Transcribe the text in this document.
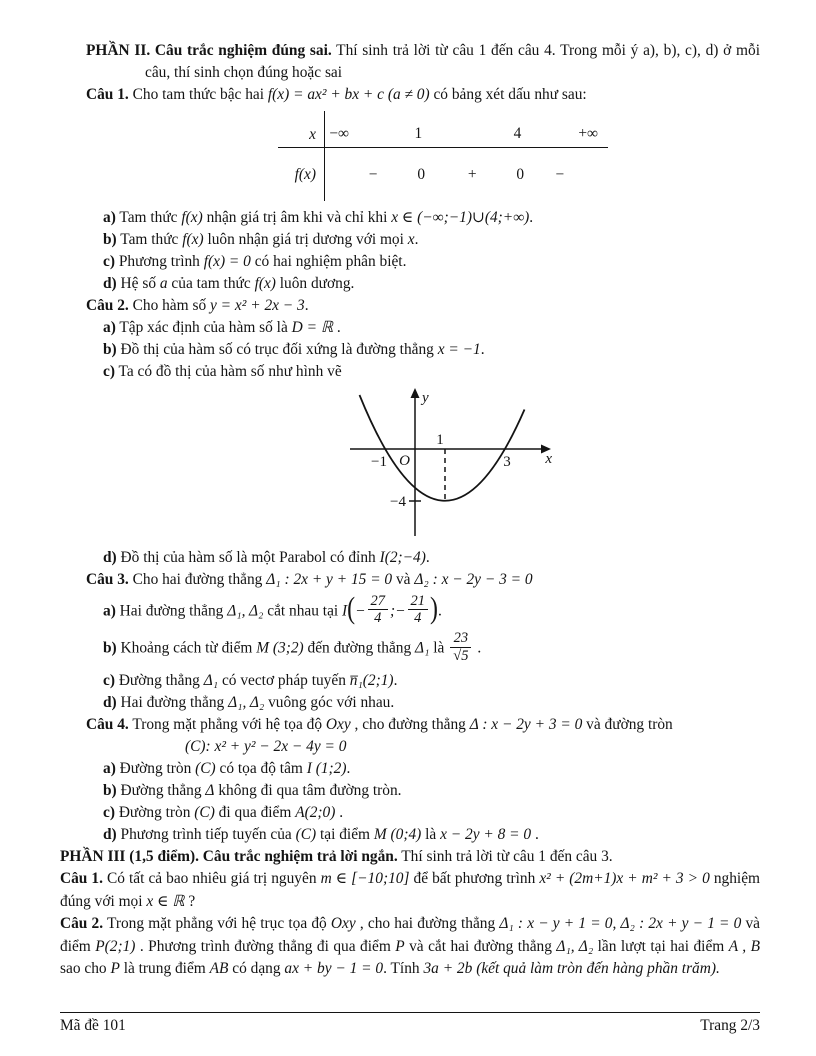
PHẦN II. Câu trắc nghiệm đúng sai. Thí sinh trả lời từ câu 1 đến câu 4. Trong mỗi ý a), b), c), d) ở mỗi câu, thí sinh chọn đúng hoặc sai
Câu 1. Cho tam thức bậc hai f(x) = ax² + bx + c (a ≠ 0) có bảng xét dấu như sau:
x −∞	1	4	+∞
f(x)	−	0	+	0 −
a) Tam thức f(x) nhận giá trị âm khi và chỉ khi x ∈ (−∞;−1)∪(4;+∞).
b) Tam thức f(x) luôn nhận giá trị dương với mọi x.
c) Phương trình f(x) = 0 có hai nghiệm phân biệt.
d) Hệ số a của tam thức f(x) luôn dương.
Câu 2. Cho hàm số y = x² + 2x − 3.
a) Tập xác định của hàm số là D = ℝ .
b) Đồ thị của hàm số có trục đối xứng là đường thẳng x = −1.
c) Ta có đồ thị của hàm số như hình vẽ
y
x
O
−1
1
3
−4
d) Đồ thị của hàm số là một Parabol có đỉnh I(2;−4).
Câu 3. Cho hai đường thẳng Δ₁ : 2x + y + 15 = 0 và Δ₂ : x − 2y − 3 = 0
a) Hai đường thẳng Δ₁, Δ₂ cắt nhau tại $I(- \frac{27}{4}$ ;− $\frac{21}{4}$ ).
b) Khoảng cách từ điểm M (3;2) đến đường thẳng Δ₁ là $\frac{23}{√5}$ .
c) Đường thẳng Δ₁ có vectơ pháp tuyến n̅₁(2;1).
d) Hai đường thẳng Δ₁, Δ₂ vuông góc với nhau.
Câu 4. Trong mặt phẳng với hệ tọa độ Oxy , cho đường thẳng Δ : x − 2y + 3 = 0 và đường tròn
(C): x² + y² − 2x − 4y = 0
a) Đường tròn (C) có tọa độ tâm I (1;2).
b) Đường thẳng Δ không đi qua tâm đường tròn.
c) Đường tròn (C) đi qua điểm A(2;0) .
d) Phương trình tiếp tuyến của (C) tại điểm M (0;4) là x − 2y + 8 = 0 .
PHẦN III (1,5 điểm). Câu trắc nghiệm trả lời ngắn. Thí sinh trả lời từ câu 1 đến câu 3.
Câu 1. Có tất cả bao nhiêu giá trị nguyên m ∈ [−10;10] để bất phương trình x² + (2m+1)x + m² + 3 > 0 nghiệm đúng với mọi x ∈ ℝ ?
Câu 2. Trong mặt phẳng với hệ trục tọa độ Oxy , cho hai đường thẳng Δ₁ : x − y + 1 = 0, Δ₂ : 2x + y − 1 = 0 và điểm P(2;1) . Phương trình đường thẳng đi qua điểm P và cắt hai đường thẳng Δ₁, Δ₂ lần lượt tại hai điểm A , B sao cho P là trung điểm AB có dạng ax + by − 1 = 0. Tính 3a + 2b (kết quả làm tròn đến hàng phần trăm).
Mã đề 101	Trang 2/3
